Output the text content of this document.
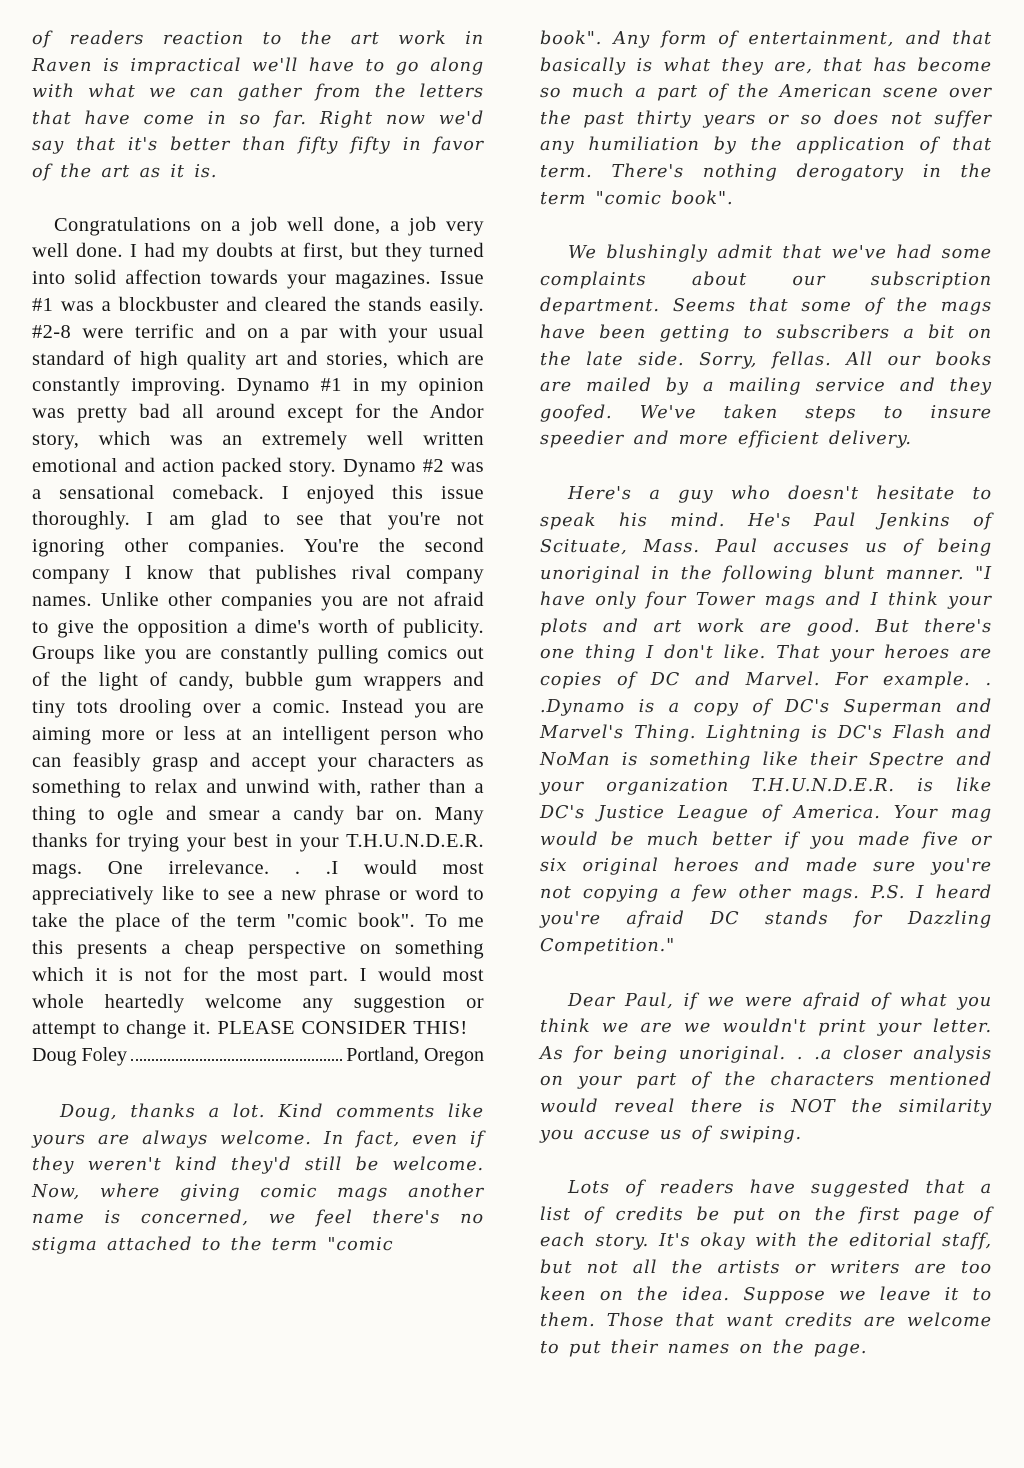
of readers reaction to the art work in Raven is impractical we'll have to go along with what we can gather from the letters that have come in so far. Right now we'd say that it's better than fifty fifty in favor of the art as it is.

Congratulations on a job well done, a job very well done. I had my doubts at first, but they turned into solid affection towards your magazines. Issue #1 was a blockbuster and cleared the stands easily. #2-8 were terrific and on a par with your usual standard of high quality art and stories, which are constantly improving. Dynamo #1 in my opinion was pretty bad all around except for the Andor story, which was an extremely well written emotional and action packed story. Dynamo #2 was a sensational comeback. I enjoyed this issue thoroughly. I am glad to see that you're not ignoring other companies. You're the second company I know that publishes rival company names. Unlike other companies you are not afraid to give the opposition a dime's worth of publicity. Groups like you are constantly pulling comics out of the light of candy, bubble gum wrappers and tiny tots drooling over a comic. Instead you are aiming more or less at an intelligent person who can feasibly grasp and accept your characters as something to relax and unwind with, rather than a thing to ogle and smear a candy bar on. Many thanks for trying your best in your T.H.U.N.D.E.R. mags. One irrelevance. . .I would most appreciatively like to see a new phrase or word to take the place of the term "comic book". To me this presents a cheap perspective on something which it is not for the most part. I would most whole heartedly welcome any suggestion or attempt to change it. PLEASE CONSIDER THIS!

Doug Foley	Portland, Oregon

Doug, thanks a lot. Kind comments like yours are always welcome. In fact, even if they weren't kind they'd still be welcome. Now, where giving comic mags another name is concerned, we feel there's no stigma attached to the term "comic

book". Any form of entertainment, and that basically is what they are, that has become so much a part of the American scene over the past thirty years or so does not suffer any humiliation by the application of that term. There's nothing derogatory in the term "comic book".

We blushingly admit that we've had some complaints about our subscription department. Seems that some of the mags have been getting to subscribers a bit on the late side. Sorry, fellas. All our books are mailed by a mailing service and they goofed. We've taken steps to insure speedier and more efficient delivery.

Here's a guy who doesn't hesitate to speak his mind. He's Paul Jenkins of Scituate, Mass. Paul accuses us of being unoriginal in the following blunt manner. "I have only four Tower mags and I think your plots and art work are good. But there's one thing I don't like. That your heroes are copies of DC and Marvel. For example. . .Dynamo is a copy of DC's Superman and Marvel's Thing. Lightning is DC's Flash and NoMan is something like their Spectre and your organization T.H.U.N.D.E.R. is like DC's Justice League of America. Your mag would be much better if you made five or six original heroes and made sure you're not copying a few other mags. P.S. I heard you're afraid DC stands for Dazzling Competition."

Dear Paul, if we were afraid of what you think we are we wouldn't print your letter. As for being unoriginal. . .a closer analysis on your part of the characters mentioned would reveal there is NOT the similarity you accuse us of swiping.

Lots of readers have suggested that a list of credits be put on the first page of each story. It's okay with the editorial staff, but not all the artists or writers are too keen on the idea. Suppose we leave it to them. Those that want credits are welcome to put their names on the page.
